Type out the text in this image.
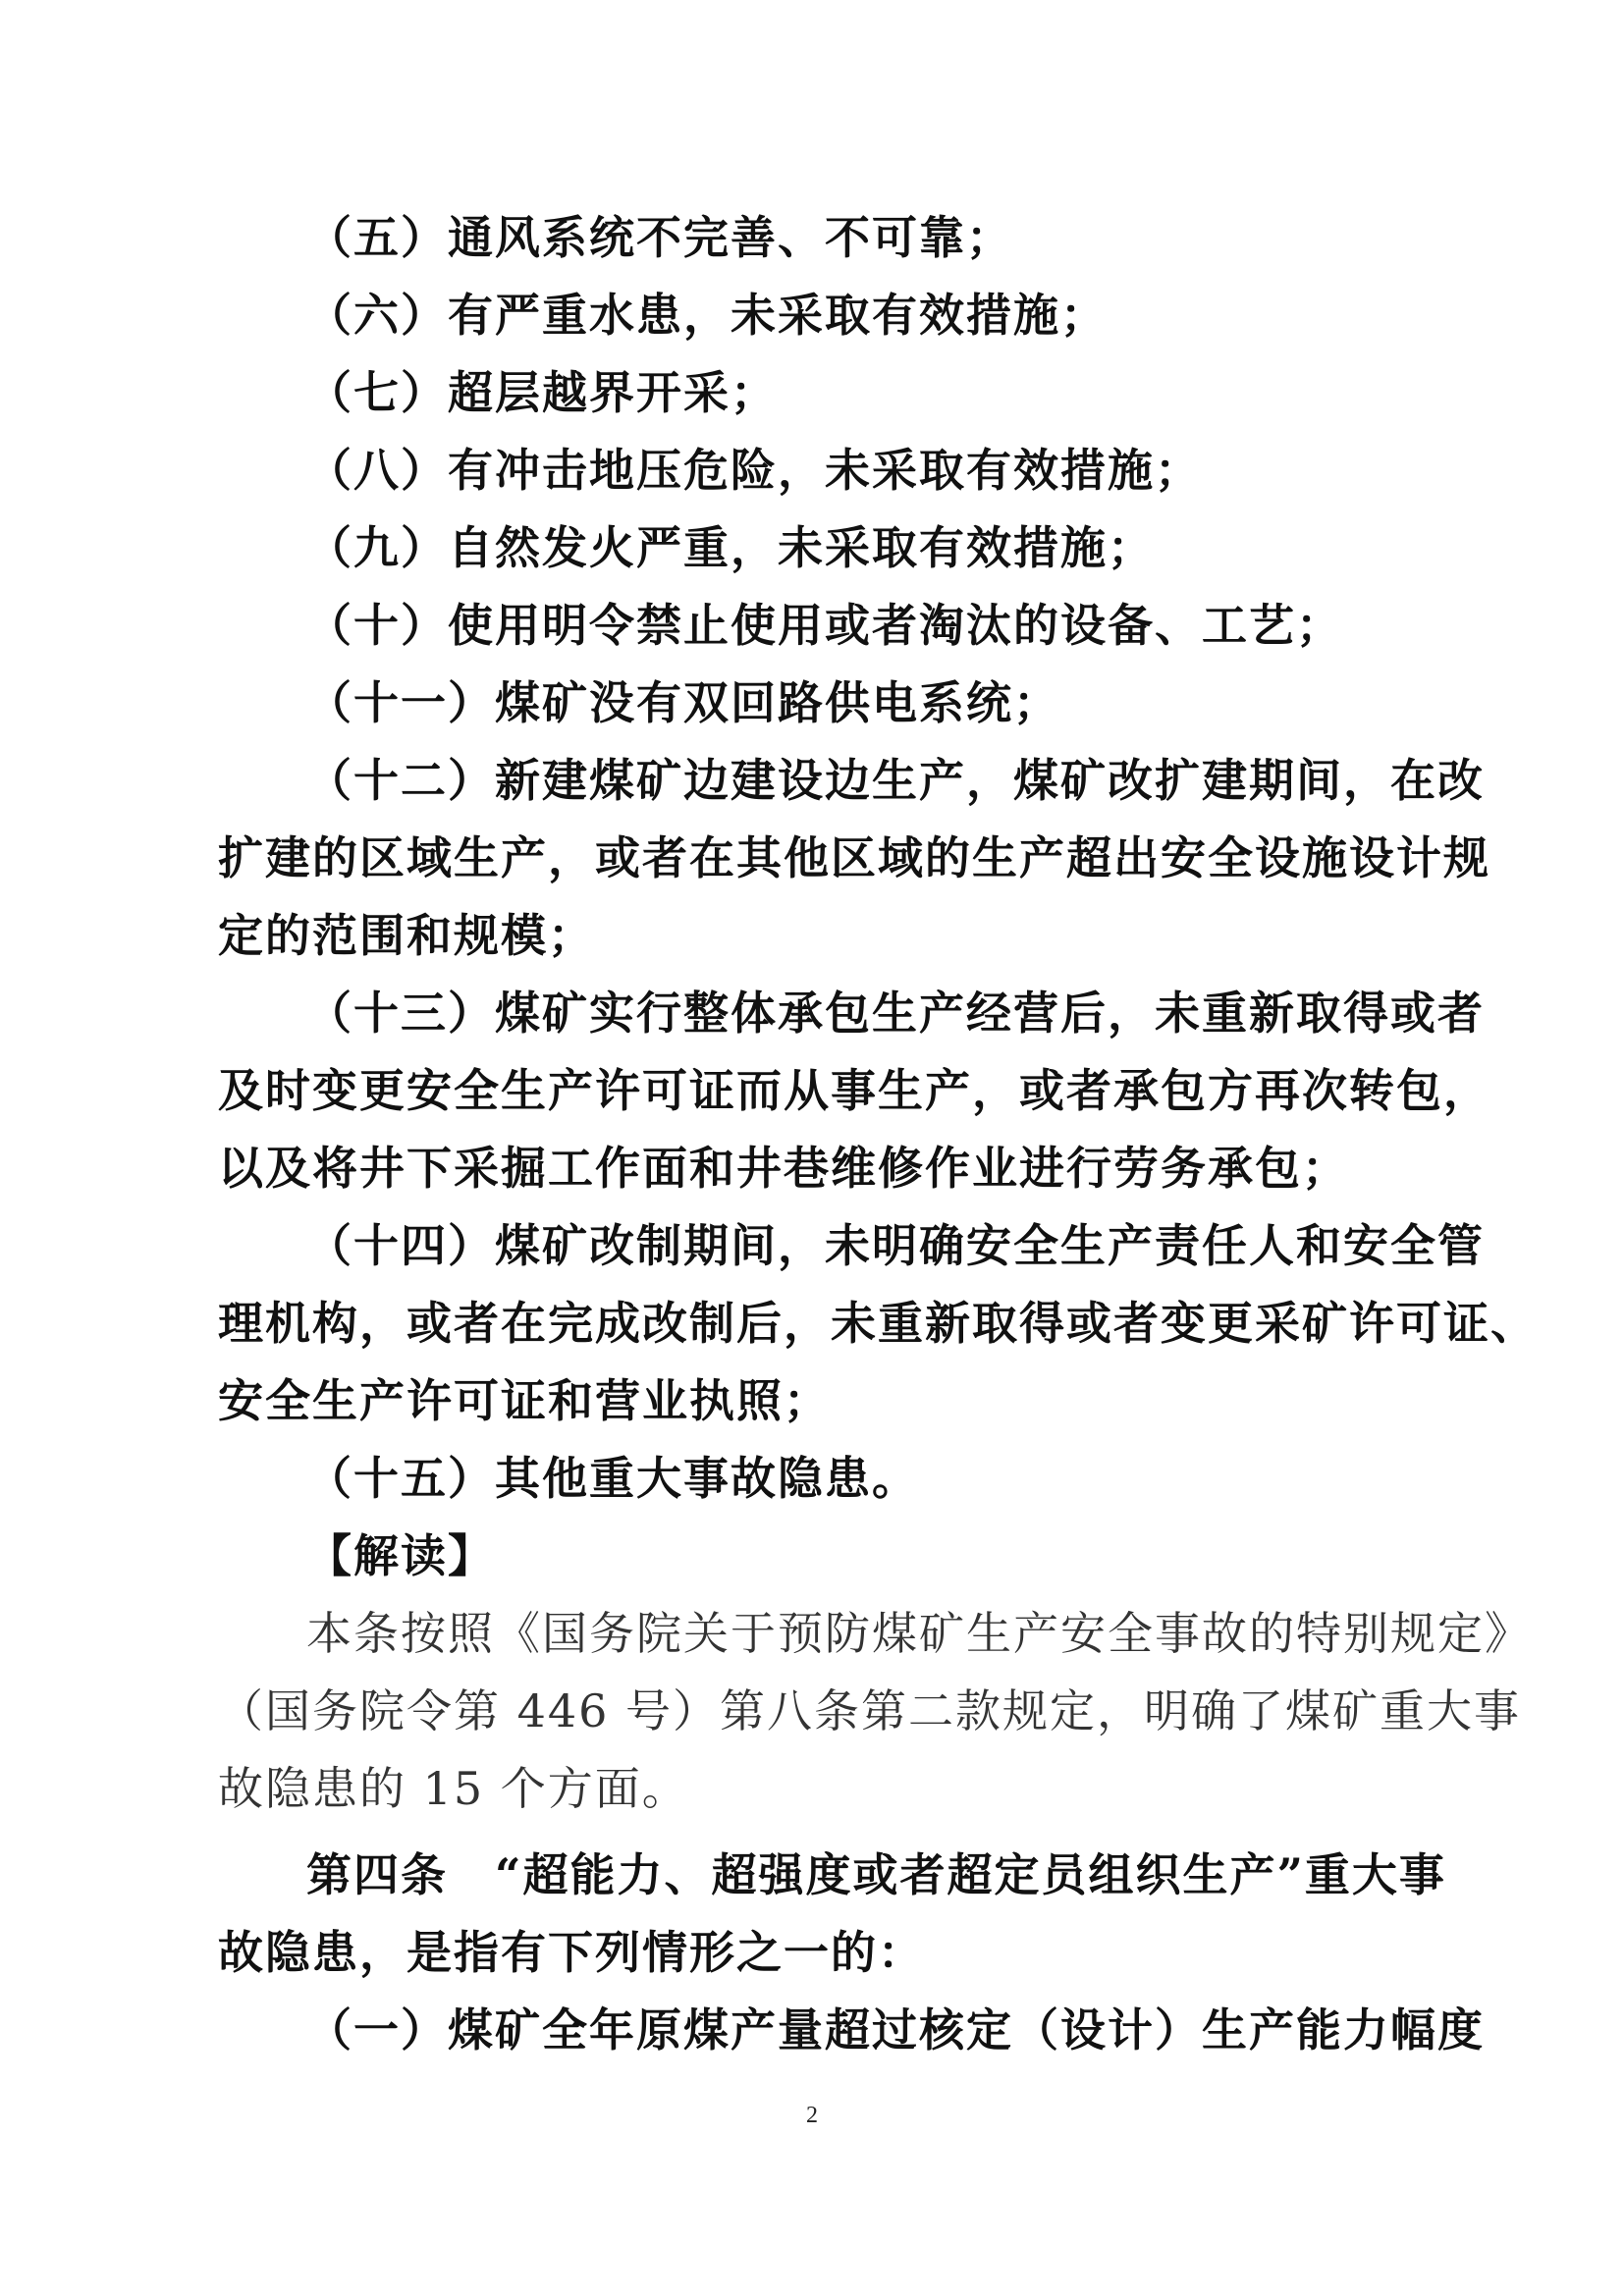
（五）通风系统不完善、不可靠；
（六）有严重水患，未采取有效措施；
（七）超层越界开采；
（八）有冲击地压危险，未采取有效措施；
（九）自然发火严重，未采取有效措施；
（十）使用明令禁止使用或者淘汰的设备、工艺；
（十一）煤矿没有双回路供电系统；
（十二）新建煤矿边建设边生产，煤矿改扩建期间，在改
扩建的区域生产，或者在其他区域的生产超出安全设施设计规
定的范围和规模；
（十三）煤矿实行整体承包生产经营后，未重新取得或者
及时变更安全生产许可证而从事生产，或者承包方再次转包，
以及将井下采掘工作面和井巷维修作业进行劳务承包；
（十四）煤矿改制期间，未明确安全生产责任人和安全管
理机构，或者在完成改制后，未重新取得或者变更采矿许可证、
安全生产许可证和营业执照；
（十五）其他重大事故隐患。
【解读】
本条按照《国务院关于预防煤矿生产安全事故的特别规定》
（国务院令第 446 号）第八条第二款规定，明确了煤矿重大事
故隐患的 15 个方面。
第四条　“超能力、超强度或者超定员组织生产”重大事
故隐患，是指有下列情形之一的：
（一）煤矿全年原煤产量超过核定（设计）生产能力幅度
2
